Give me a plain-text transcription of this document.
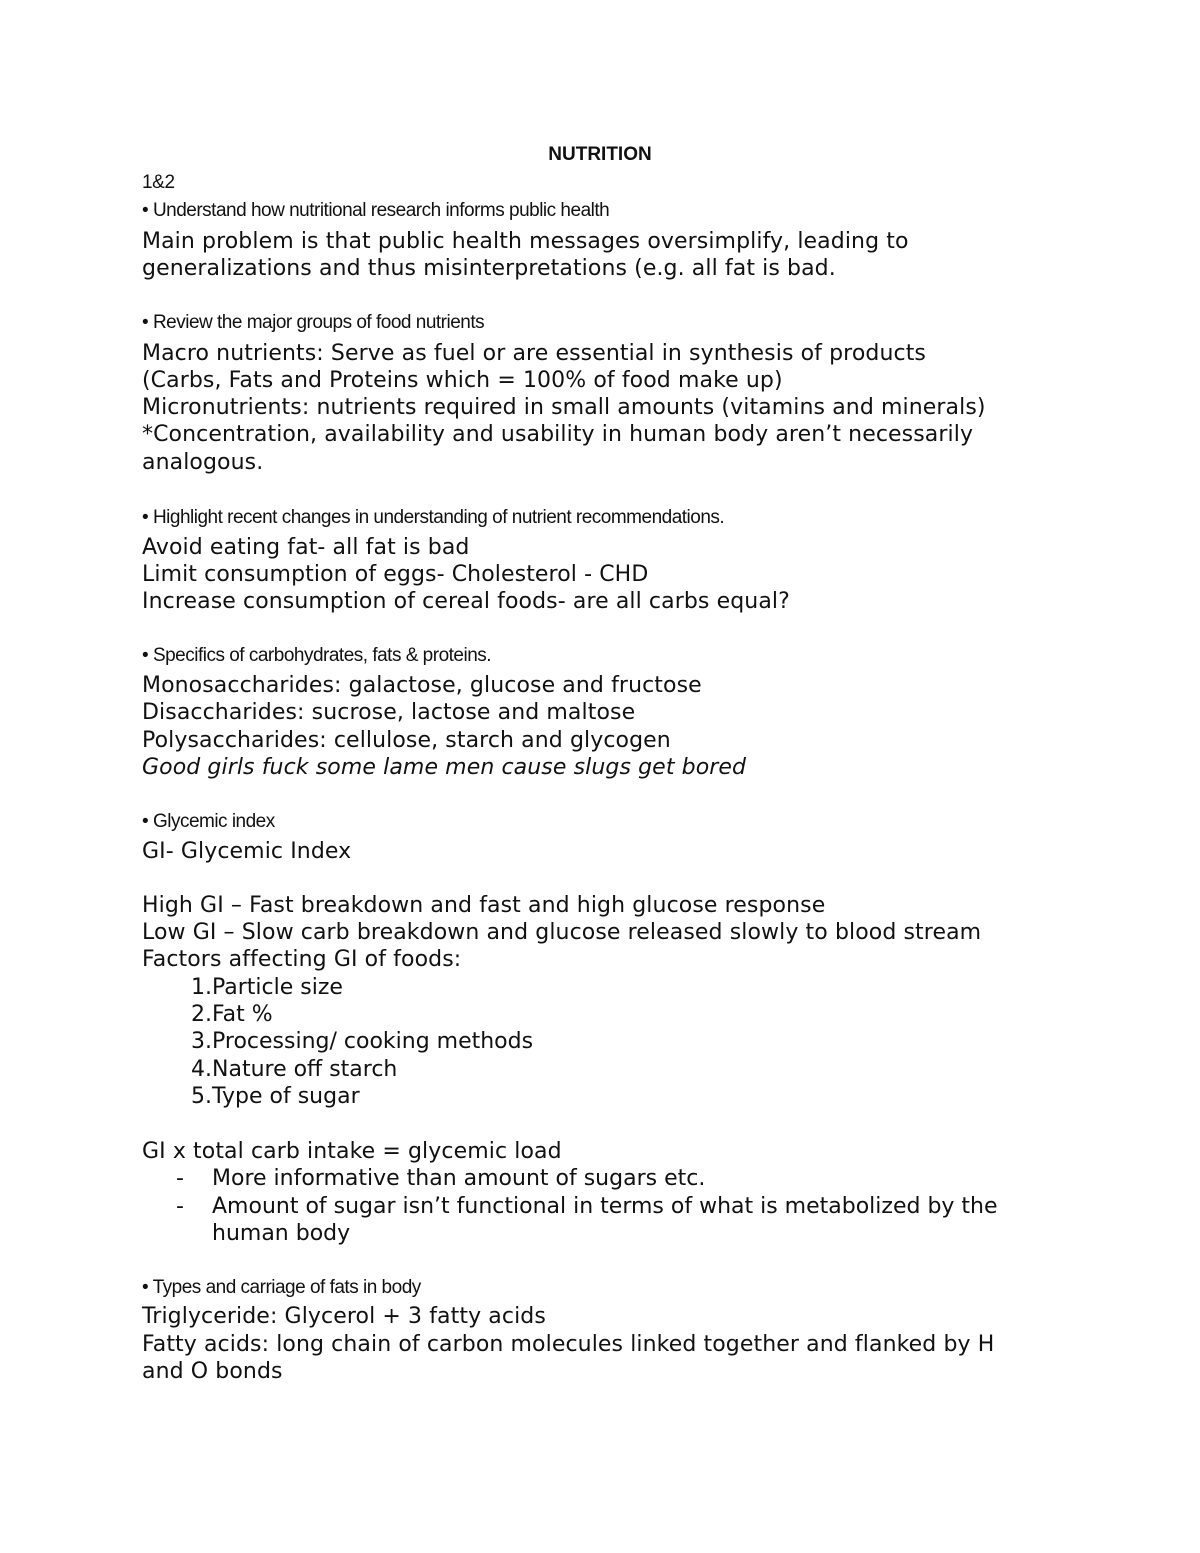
NUTRITION
1&2
• Understand how nutritional research informs public health
Main problem is that public health messages oversimplify, leading to
generalizations and thus misinterpretations (e.g. all fat is bad.
• Review the major groups of food nutrients
Macro nutrients: Serve as fuel or are essential in synthesis of products
(Carbs, Fats and Proteins which = 100% of food make up)
Micronutrients: nutrients required in small amounts (vitamins and minerals)
*Concentration, availability and usability in human body aren’t necessarily
analogous.
• Highlight recent changes in understanding of nutrient recommendations.
Avoid eating fat- all fat is bad
Limit consumption of eggs- Cholesterol - CHD
Increase consumption of cereal foods- are all carbs equal?
• Specifics of carbohydrates, fats & proteins.
Monosaccharides: galactose, glucose and fructose
Disaccharides: sucrose, lactose and maltose
Polysaccharides: cellulose, starch and glycogen
Good girls fuck some lame men cause slugs get bored
• Glycemic index
GI- Glycemic Index
High GI – Fast breakdown and fast and high glucose response
Low GI – Slow carb breakdown and glucose released slowly to blood stream
Factors affecting GI of foods:
1. Particle size
2. Fat %
3. Processing/ cooking methods
4. Nature off starch
5. Type of sugar
GI x total carb intake = glycemic load
- More informative than amount of sugars etc.
- Amount of sugar isn’t functional in terms of what is metabolized by the
human body
• Types and carriage of fats in body
Triglyceride: Glycerol + 3 fatty acids
Fatty acids: long chain of carbon molecules linked together and flanked by H
and O bonds
